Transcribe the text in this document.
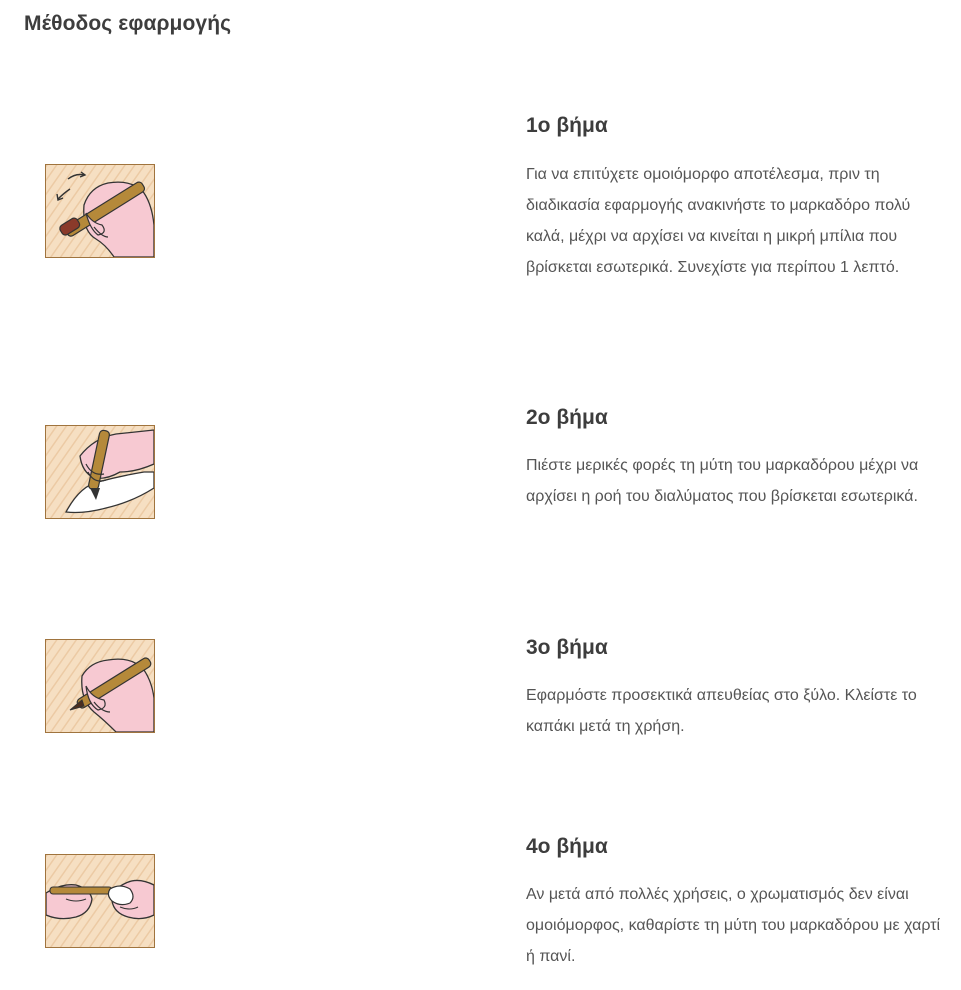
Μέθοδος εφαρμογής
1ο βήμα

Για να επιτύχετε ομοιόμορφο αποτέλεσμα, πριν τη διαδικασία εφαρμογής ανακινήστε το μαρκαδόρο πολύ καλά, μέχρι να αρχίσει να κινείται η μικρή μπίλια που βρίσκεται εσωτερικά. Συνεχίστε για περίπου 1 λεπτό.

2ο βήμα

Πιέστε μερικές φορές τη μύτη του μαρκαδόρου μέχρι να αρχίσει η ροή του διαλύματος που βρίσκεται εσωτερικά.

3ο βήμα

Εφαρμόστε προσεκτικά απευθείας στο ξύλο. Κλείστε το καπάκι μετά τη χρήση.

4ο βήμα

Αν μετά από πολλές χρήσεις, ο χρωματισμός δεν είναι ομοιόμορφος, καθαρίστε τη μύτη του μαρκαδόρου με χαρτί ή πανί.
